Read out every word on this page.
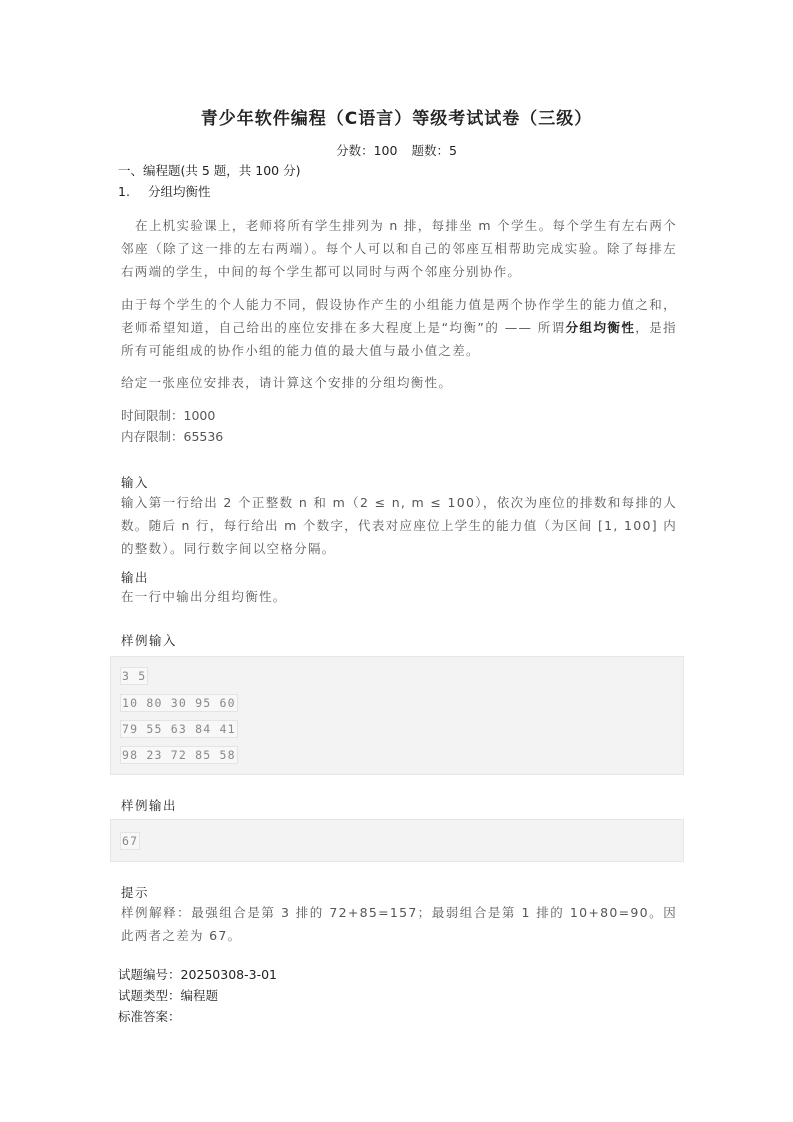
青少年软件编程（C语言）等级考试试卷（三级）
分数：100 题数：5
一、编程题(共 5 题，共 100 分)
1. 分组均衡性
在上机实验课上，老师将所有学生排列为 n 排，每排坐 m 个学生。每个学生有左右两个邻座（除了这一排的左右两端）。每个人可以和自己的邻座互相帮助完成实验。除了每排左右两端的学生，中间的每个学生都可以同时与两个邻座分别协作。
由于每个学生的个人能力不同，假设协作产生的小组能力值是两个协作学生的能力值之和，老师希望知道，自己给出的座位安排在多大程度上是“均衡”的 —— 所谓分组均衡性，是指所有可能组成的协作小组的能力值的最大值与最小值之差。
给定一张座位安排表，请计算这个安排的分组均衡性。
时间限制：1000
内存限制：65536
输入
输入第一行给出 2 个正整数 n 和 m（2 ≤ n, m ≤ 100），依次为座位的排数和每排的人数。随后 n 行，每行给出 m 个数字，代表对应座位上学生的能力值（为区间 [1, 100] 内的整数）。同行数字间以空格分隔。
输出
在一行中输出分组均衡性。
样例输入
3 5
10 80 30 95 60
79 55 63 84 41
98 23 72 85 58
样例输出
67
提示
样例解释：最强组合是第 3 排的 72+85=157；最弱组合是第 1 排的 10+80=90。因此两者之差为 67。
试题编号：20250308-3-01
试题类型：编程题
标准答案：
